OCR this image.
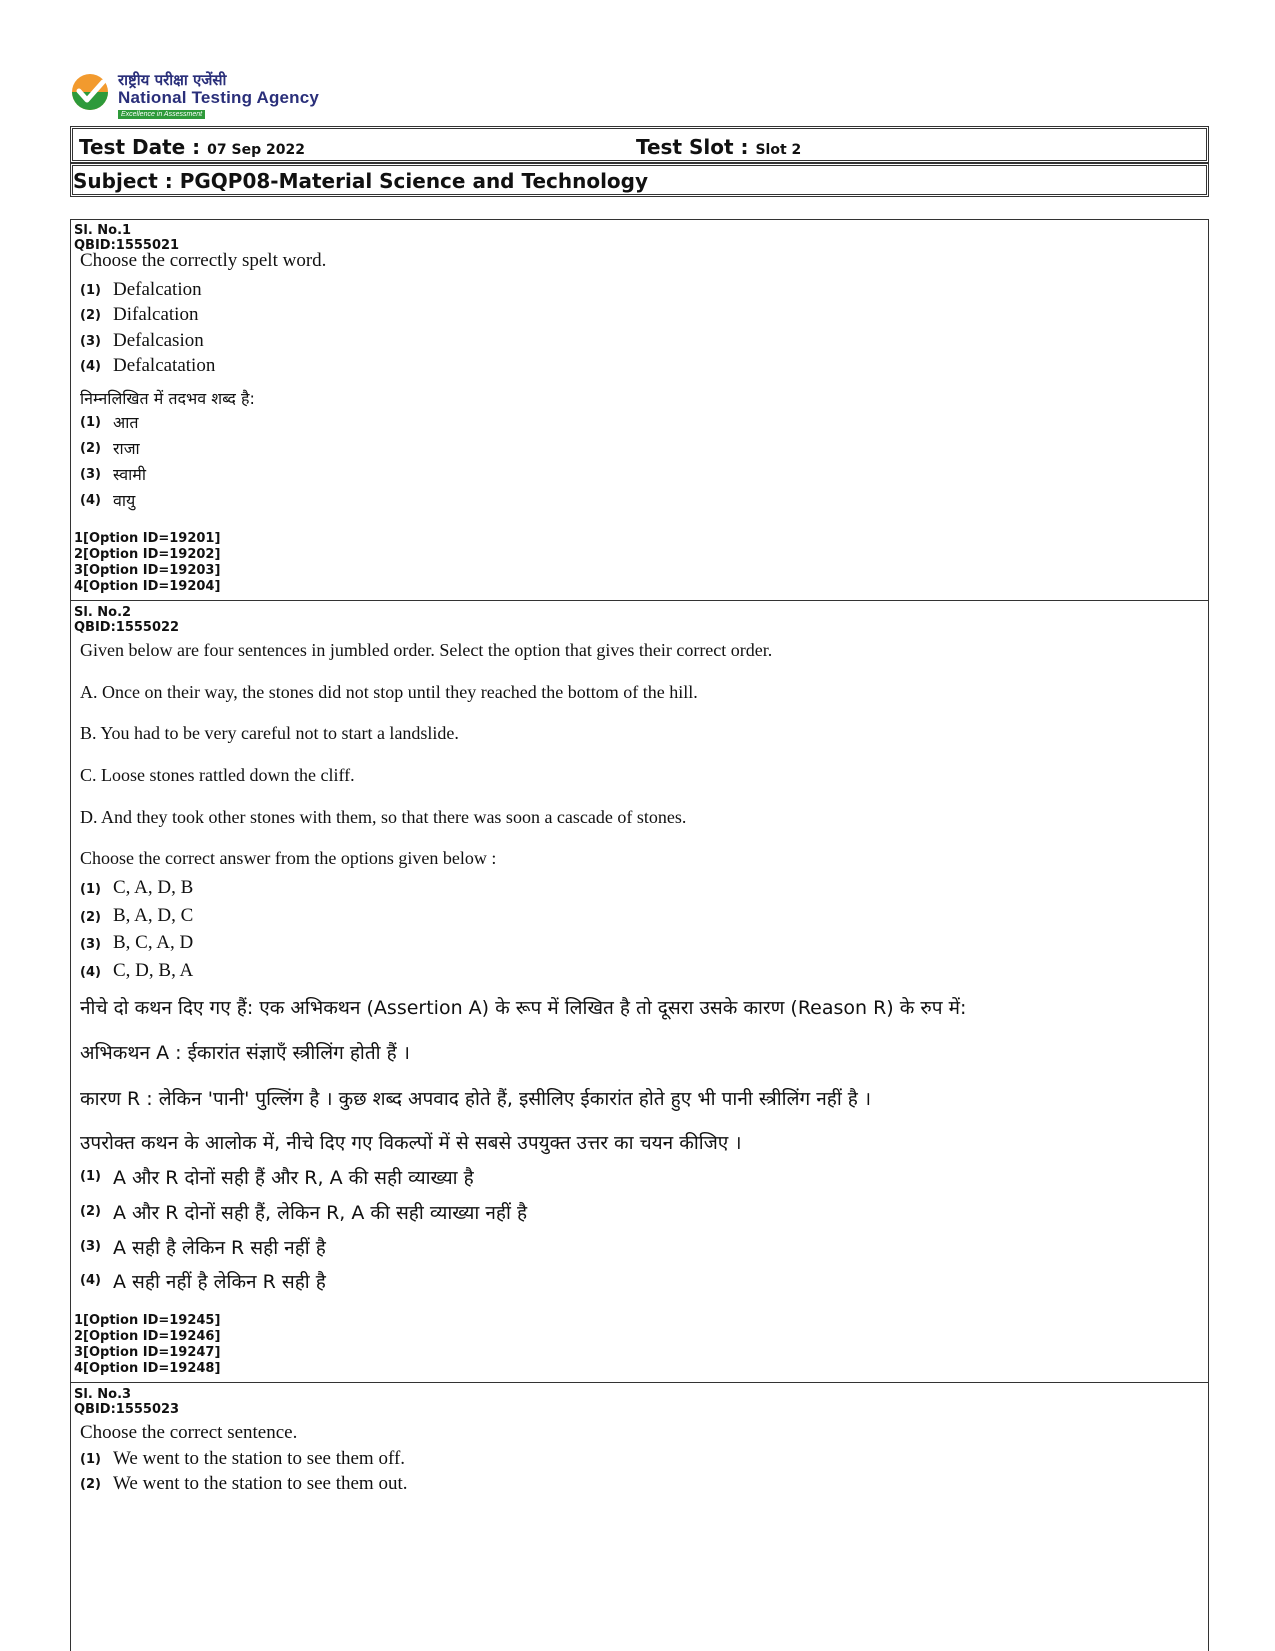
राष्ट्रीय परीक्षा एजेंसी
National Testing Agency
Excellence in Assessment
Test Date : 07 Sep 2022	Test Slot : Slot 2
Subject : PGQP08-Material Science and Technology
Sl. No.1
QBID:1555021
Choose the correctly spelt word.
(1) Defalcation
(2) Difalcation
(3) Defalcasion
(4) Defalcatation
निम्नलिखित में तदभव शब्द है:
(1) आत
(2) राजा
(3) स्वामी
(4) वायु
1[Option ID=19201]
2[Option ID=19202]
3[Option ID=19203]
4[Option ID=19204]
Sl. No.2
QBID:1555022
Given below are four sentences in jumbled order. Select the option that gives their correct order.
A. Once on their way, the stones did not stop until they reached the bottom of the hill.
B. You had to be very careful not to start a landslide.
C. Loose stones rattled down the cliff.
D. And they took other stones with them, so that there was soon a cascade of stones.
Choose the correct answer from the options given below :
(1) C, A, D, B
(2) B, A, D, C
(3) B, C, A, D
(4) C, D, B, A
नीचे दो कथन दिए गए हैं: एक अभिकथन (Assertion A) के रूप में लिखित है तो दूसरा उसके कारण (Reason R) के रुप में:
अभिकथन A : ईकारांत संज्ञाएँ स्त्रीलिंग होती हैं ।
कारण R : लेकिन 'पानी' पुल्लिंग है । कुछ शब्द अपवाद होते हैं, इसीलिए ईकारांत होते हुए भी पानी स्त्रीलिंग नहीं है ।
उपरोक्त कथन के आलोक में, नीचे दिए गए विकल्पों में से सबसे उपयुक्त उत्तर का चयन कीजिए ।
(1) A और R दोनों सही हैं और R, A की सही व्याख्या है
(2) A और R दोनों सही हैं, लेकिन R, A की सही व्याख्या नहीं है
(3) A सही है लेकिन R सही नहीं है
(4) A सही नहीं है लेकिन R सही है
1[Option ID=19245]
2[Option ID=19246]
3[Option ID=19247]
4[Option ID=19248]
Sl. No.3
QBID:1555023
Choose the correct sentence.
(1) We went to the station to see them off.
(2) We went to the station to see them out.
